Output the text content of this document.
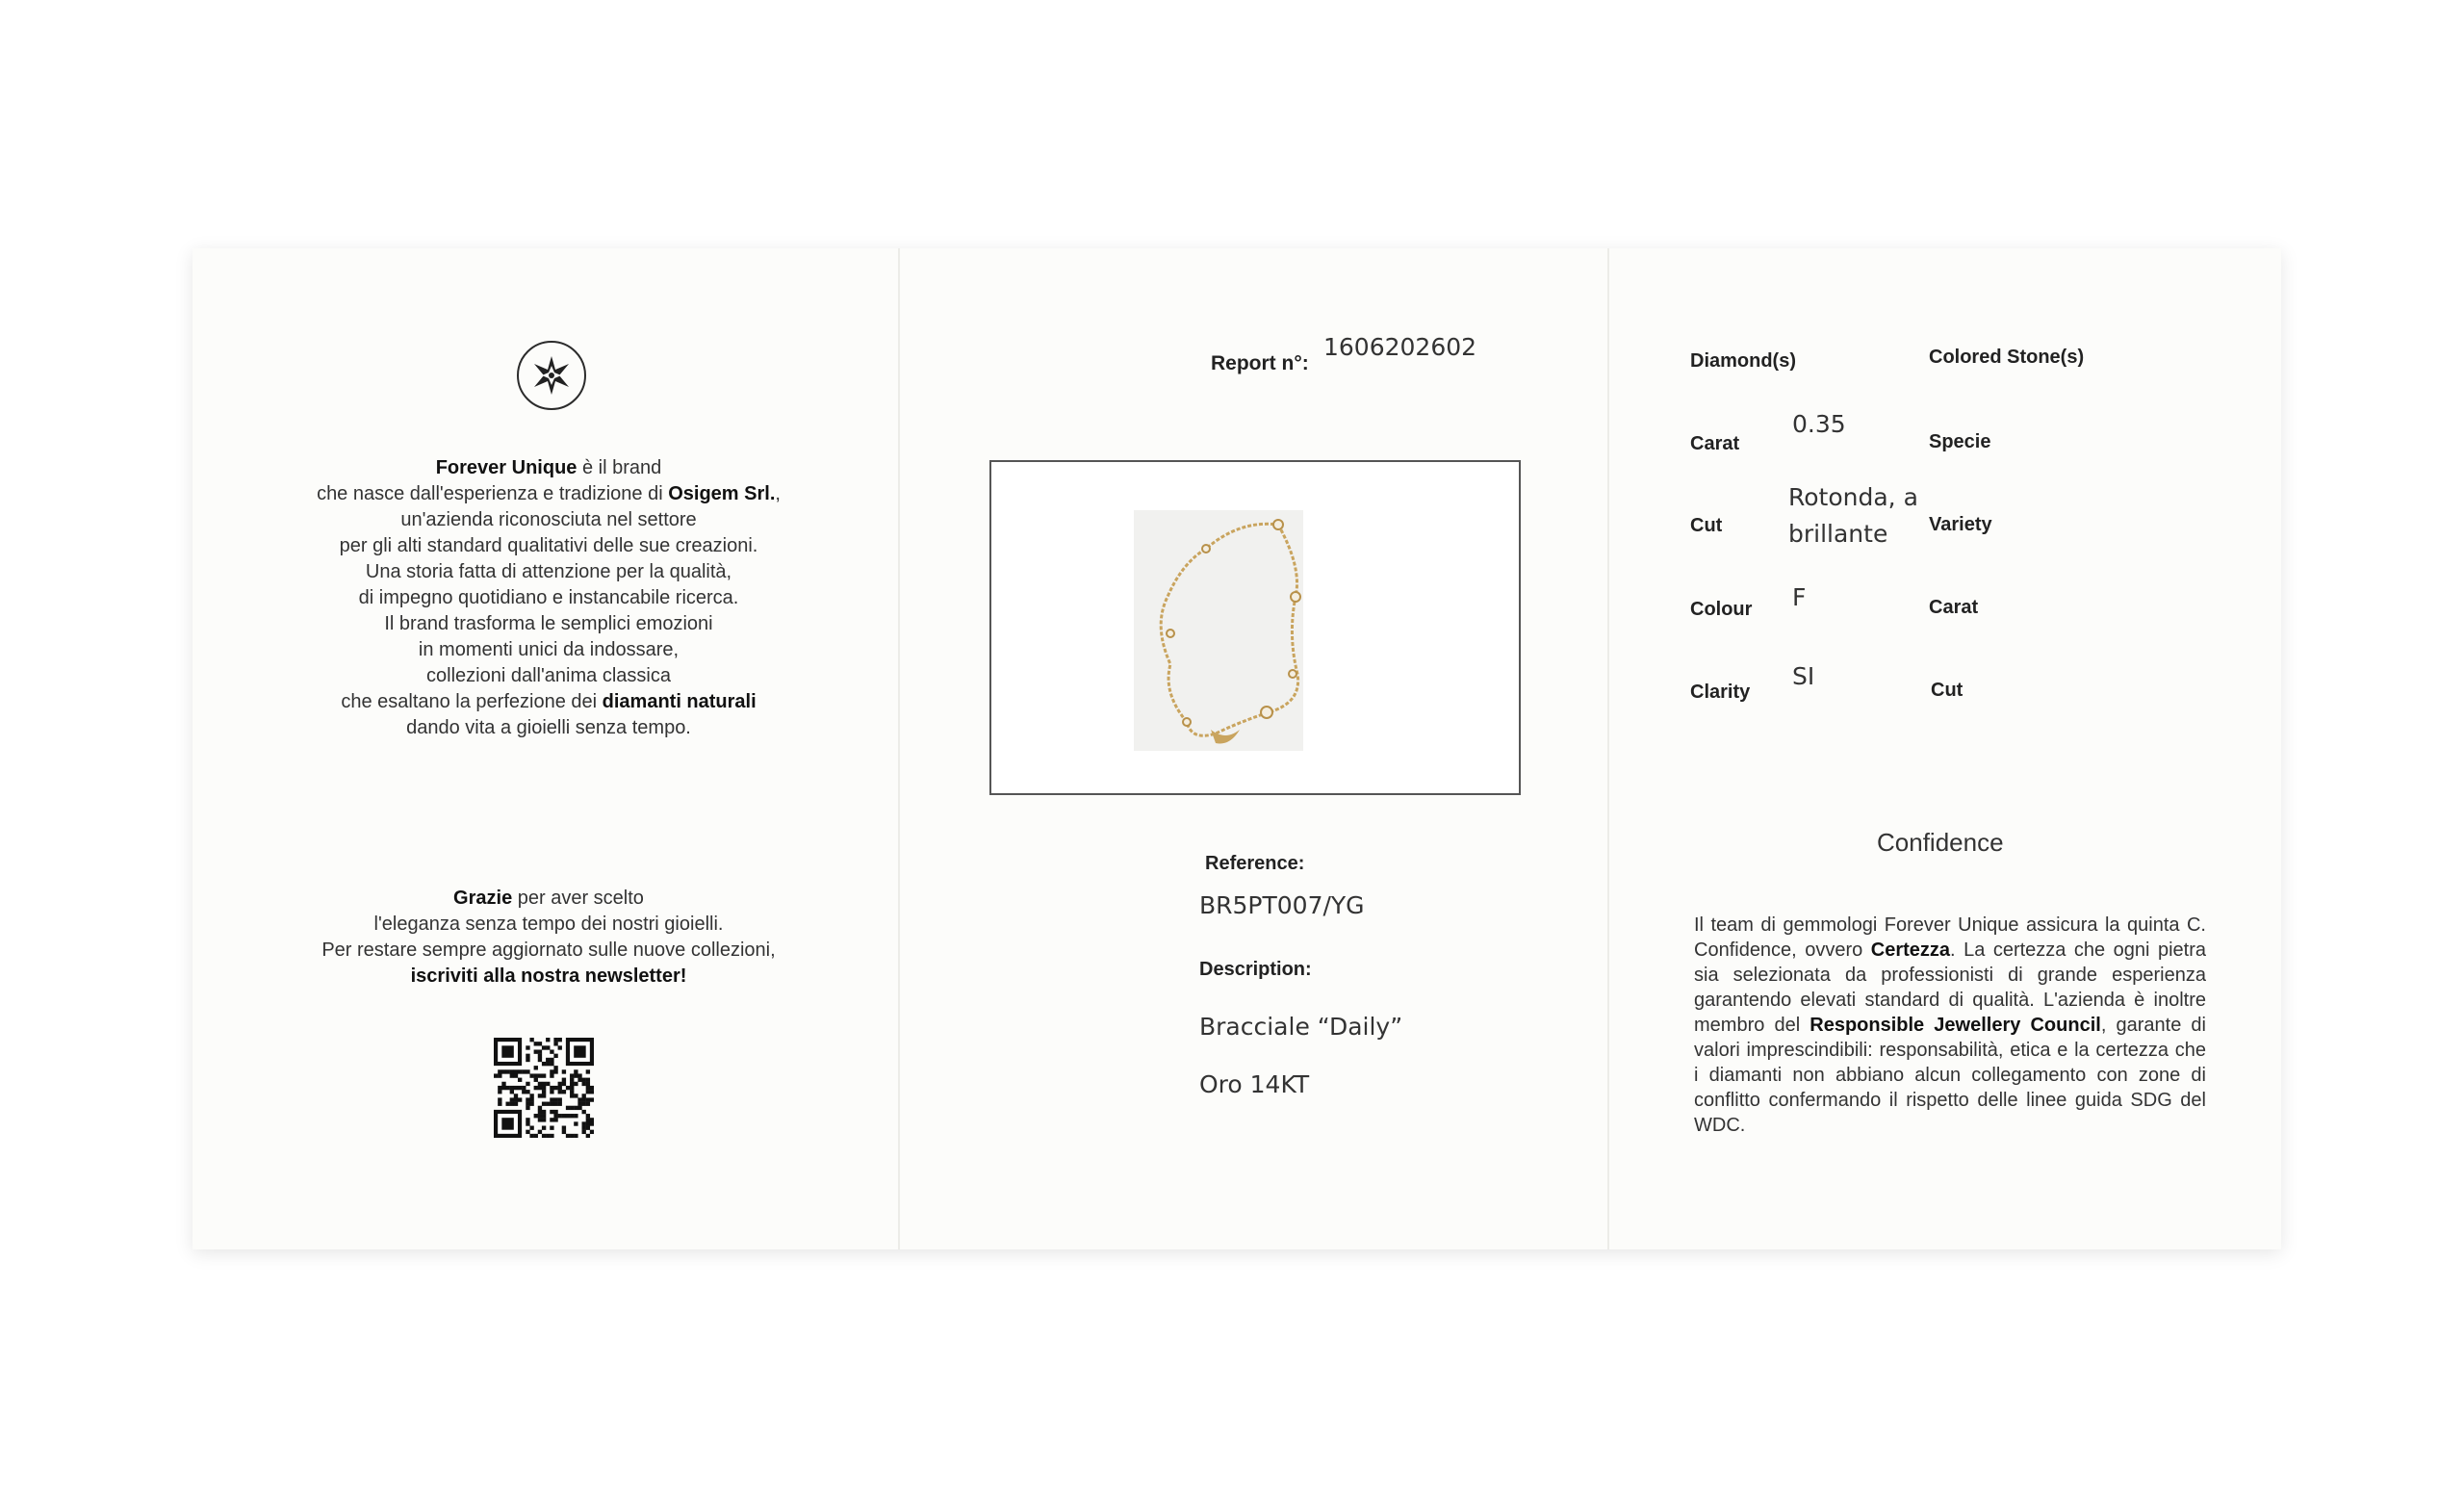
Forever Unique è il brand
che nasce dall'esperienza e tradizione di Osigem Srl.,
un'azienda riconosciuta nel settore
per gli alti standard qualitativi delle sue creazioni.
Una storia fatta di attenzione per la qualità,
di impegno quotidiano e instancabile ricerca.
Il brand trasforma le semplici emozioni
in momenti unici da indossare,
collezioni dall'anima classica
che esaltano la perfezione dei diamanti naturali
dando vita a gioielli senza tempo.
Grazie per aver scelto
l'eleganza senza tempo dei nostri gioielli.
Per restare sempre aggiornato sulle nuove collezioni,
iscriviti alla nostra newsletter!
Report n°:
1606202602
Reference:
BR5PT007/YG
Description:
Bracciale “Daily”
Oro 14KT
Diamond(s)	Colored Stone(s)
Carat
Cut
Colour
Clarity
0.35
Rotonda, a brillante
F
SI
Specie
Variety
Carat
Cut
Confidence
Il team di gemmologi Forever Unique assicura la quinta C. Confidence, ovvero Certezza. La certezza che ogni pietra sia selezionata da professionisti di grande esperienza garantendo elevati standard di qualità. L'azienda è inoltre membro del Responsible Jewellery Council, garante di valori imprescindibili: responsabilità, etica e la certezza che i diamanti non abbiano alcun collegamento con zone di conflitto confermando il rispetto delle linee guida SDG del WDC.
